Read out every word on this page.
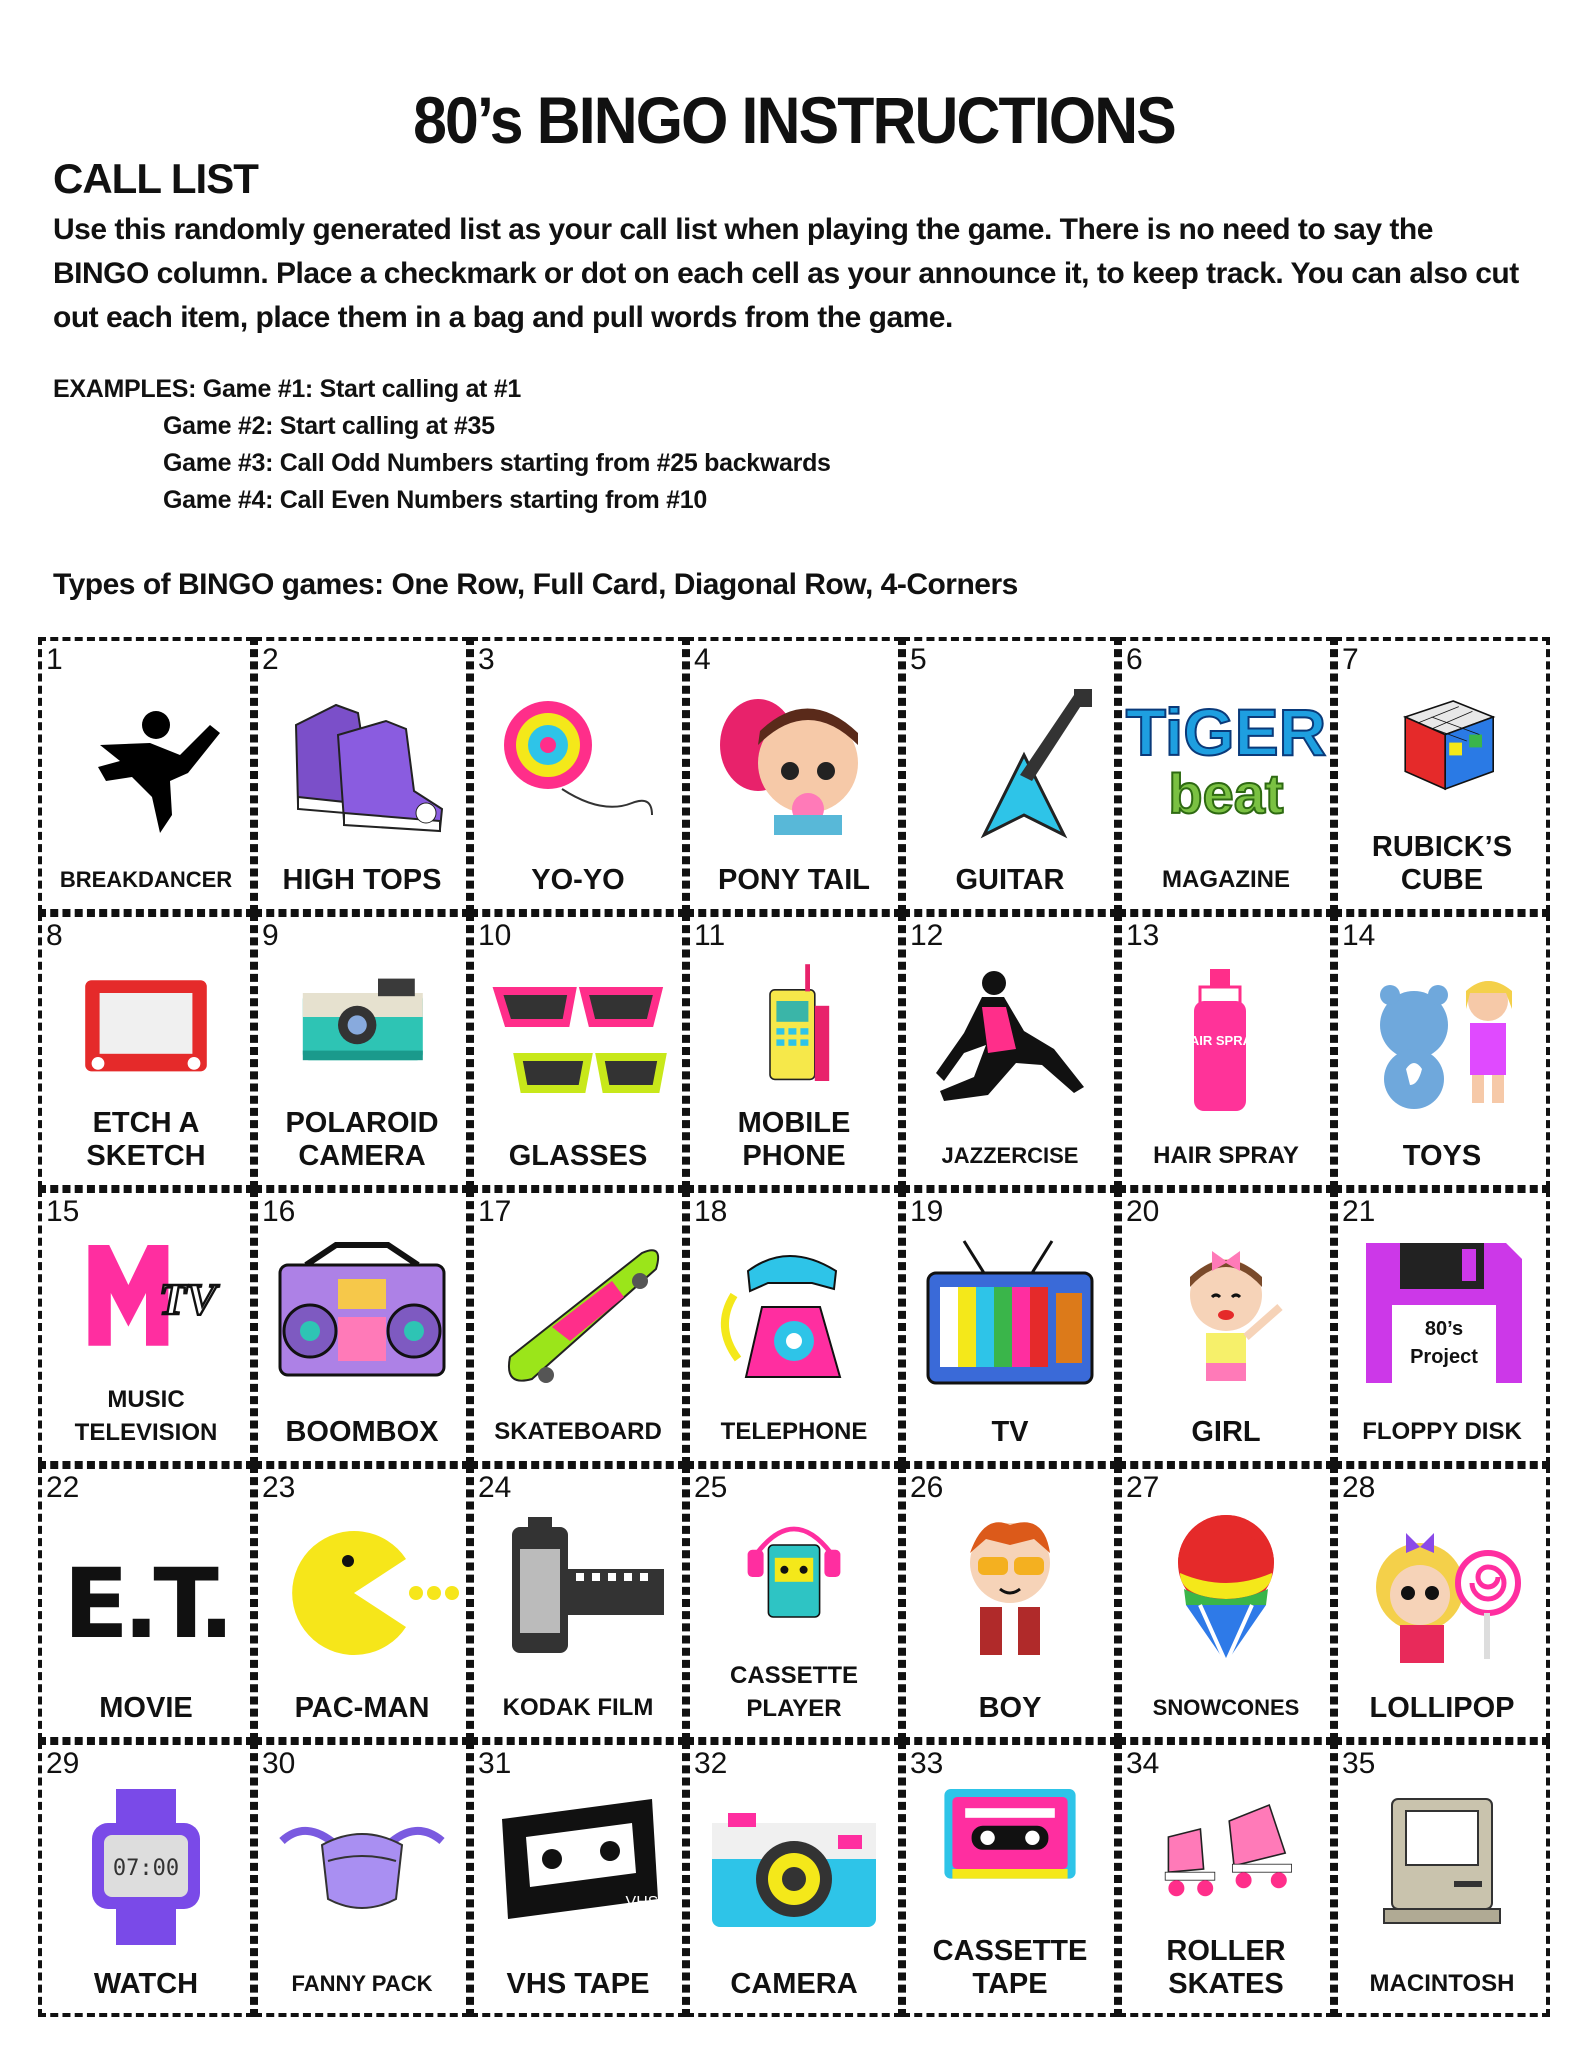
80’s BINGO INSTRUCTIONS
CALL LIST
Use this randomly generated list as your call list when playing the game. There is no need to say the BINGO column. Place a checkmark or dot on each cell as your announce it, to keep track. You can also cut out each item, place them in a bag and pull words from the game.
EXAMPLES: Game #1: Start calling at #1
Game #2: Start calling at #35
Game #3: Call Odd Numbers starting from #25 backwards
Game #4: Call Even Numbers starting from #10
Types of BINGO games: One Row, Full Card, Diagonal Row, 4-Corners
1
BREAKDANCER
2
HIGH TOPS
3
YO-YO
4
PONY TAIL
5
GUITAR
6
TiGER
beat
MAGAZINE
7
RUBICK’S
CUBE
8
ETCH A
SKETCH
9
POLAROID
CAMERA
10
GLASSES
11
MOBILE
PHONE
12
JAZZERCISE
13
HAIR SPRAY
HAIR SPRAY
14
TOYS
15
TV
MUSIC
TELEVISION
16
BOOMBOX
17
SKATEBOARD
18
TELEPHONE
19
TV
20
GIRL
21
80’s
Project
FLOPPY DISK
22
E.T.
MOVIE
23
PAC-MAN
24
KODAK FILM
25
CASSETTE
PLAYER
26
BOY
27
SNOWCONES
28
LOLLIPOP
29
07:00
WATCH
30
FANNY PACK
31
VHS
VHS TAPE
32
CAMERA
33
CASSETTE
TAPE
34
ROLLER
SKATES
35
MACINTOSH
